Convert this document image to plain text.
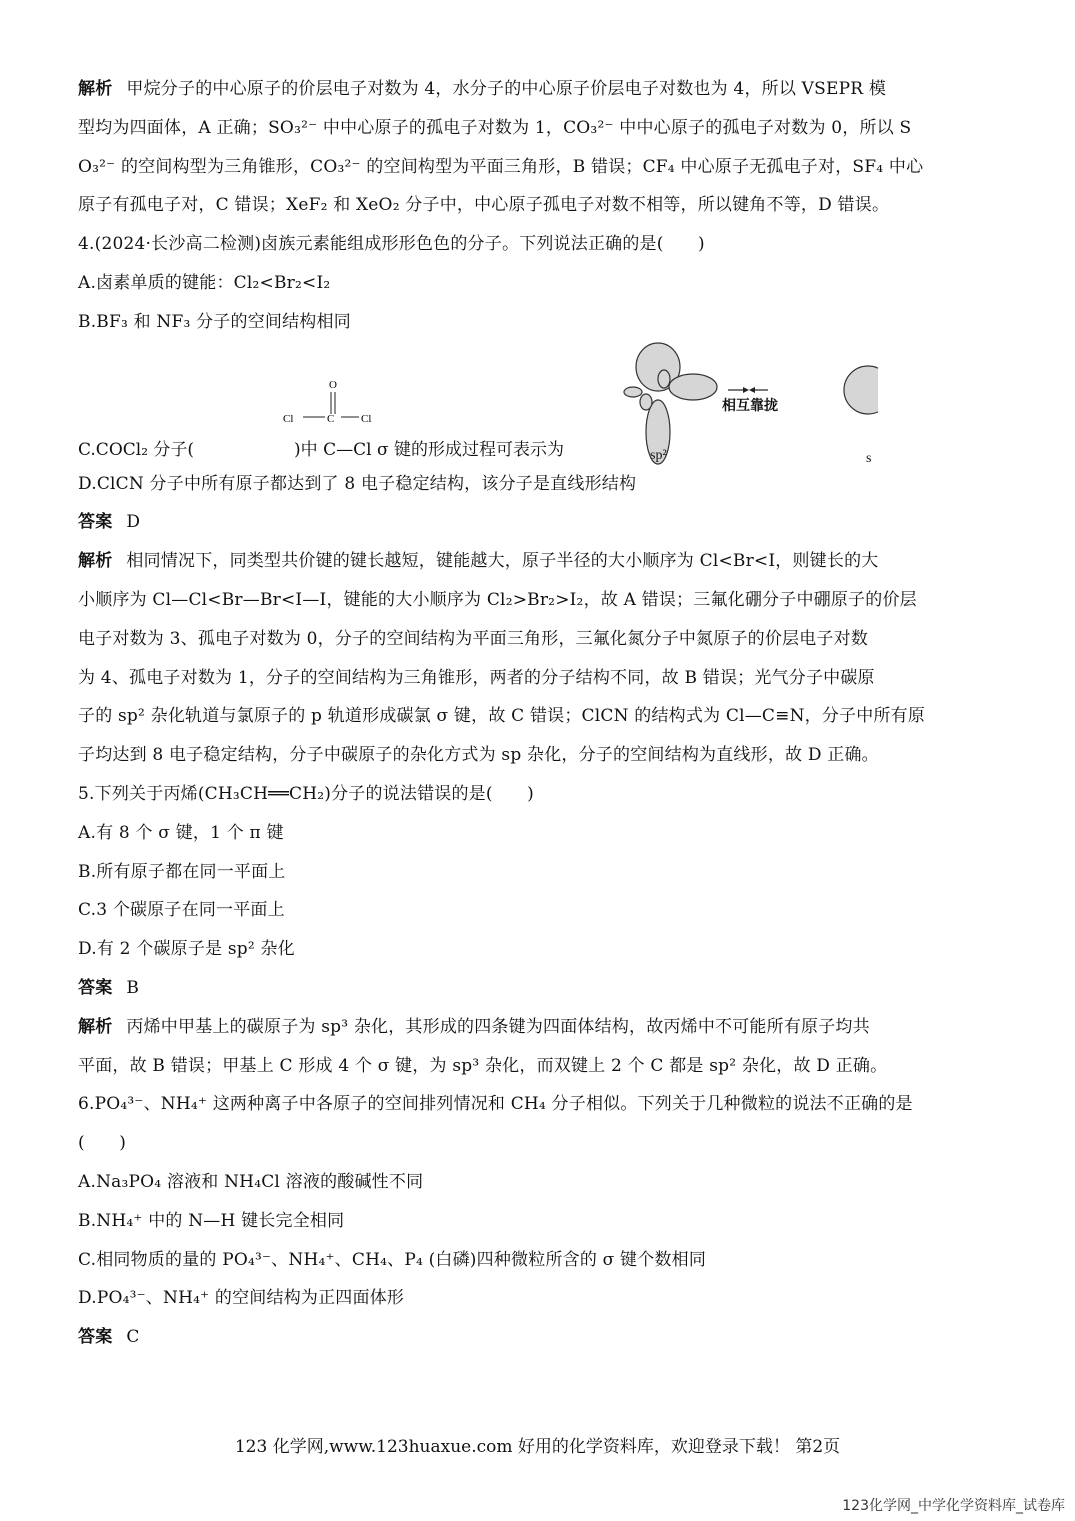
解析 甲烷分子的中心原子的价层电子对数为 4，水分子的中心原子价层电子对数也为 4，所以 VSEPR 模
型均为四面体，A 正确；SO₃²⁻ 中中心原子的孤电子对数为 1，CO₃²⁻ 中中心原子的孤电子对数为 0，所以 S
O₃²⁻ 的空间构型为三角锥形，CO₃²⁻ 的空间构型为平面三角形，B 错误；CF₄ 中心原子无孤电子对，SF₄ 中心
原子有孤电子对，C 错误；XeF₂ 和 XeO₂ 分子中，中心原子孤电子对数不相等，所以键角不等，D 错误。
4.(2024·长沙高二检测)卤族元素能组成形形色色的分子。下列说法正确的是(　　)
A.卤素单质的键能：Cl₂<Br₂<I₂
B.BF₃ 和 NF₃ 分子的空间结构相同
C.COCl₂ 分子(	)中 C—Cl σ 键的形成过程可表示为
O
Cl	C Cl
相互靠拢
sp²	s
D.ClCN 分子中所有原子都达到了 8 电子稳定结构，该分子是直线形结构
答案 D
解析 相同情况下，同类型共价键的键长越短，键能越大，原子半径的大小顺序为 Cl<Br<I，则键长的大
小顺序为 Cl—Cl<Br—Br<I—I，键能的大小顺序为 Cl₂>Br₂>I₂，故 A 错误；三氟化硼分子中硼原子的价层
电子对数为 3、孤电子对数为 0，分子的空间结构为平面三角形，三氟化氮分子中氮原子的价层电子对数
为 4、孤电子对数为 1，分子的空间结构为三角锥形，两者的分子结构不同，故 B 错误；光气分子中碳原
子的 sp² 杂化轨道与氯原子的 p 轨道形成碳氯 σ 键，故 C 错误；ClCN 的结构式为 Cl—C≡N，分子中所有原
子均达到 8 电子稳定结构，分子中碳原子的杂化方式为 sp 杂化，分子的空间结构为直线形，故 D 正确。
5.下列关于丙烯(CH₃CH══CH₂)分子的说法错误的是(　　)
A.有 8 个 σ 键，1 个 π 键
B.所有原子都在同一平面上
C.3 个碳原子在同一平面上
D.有 2 个碳原子是 sp² 杂化
答案 B
解析 丙烯中甲基上的碳原子为 sp³ 杂化，其形成的四条键为四面体结构，故丙烯中不可能所有原子均共
平面，故 B 错误；甲基上 C 形成 4 个 σ 键，为 sp³ 杂化，而双键上 2 个 C 都是 sp² 杂化，故 D 正确。
6.PO₄³⁻、NH₄⁺ 这两种离子中各原子的空间排列情况和 CH₄ 分子相似。下列关于几种微粒的说法不正确的是
(　　)
A.Na₃PO₄ 溶液和 NH₄Cl 溶液的酸碱性不同
B.NH₄⁺ 中的 N—H 键长完全相同
C.相同物质的量的 PO₄³⁻、NH₄⁺、CH₄、P₄ (白磷)四种微粒所含的 σ 键个数相同
D.PO₄³⁻、NH₄⁺ 的空间结构为正四面体形
答案 C
123 化学网,www.123huaxue.com 好用的化学资料库，欢迎登录下载！ 第2页
123化学网_中学化学资料库_试卷库
